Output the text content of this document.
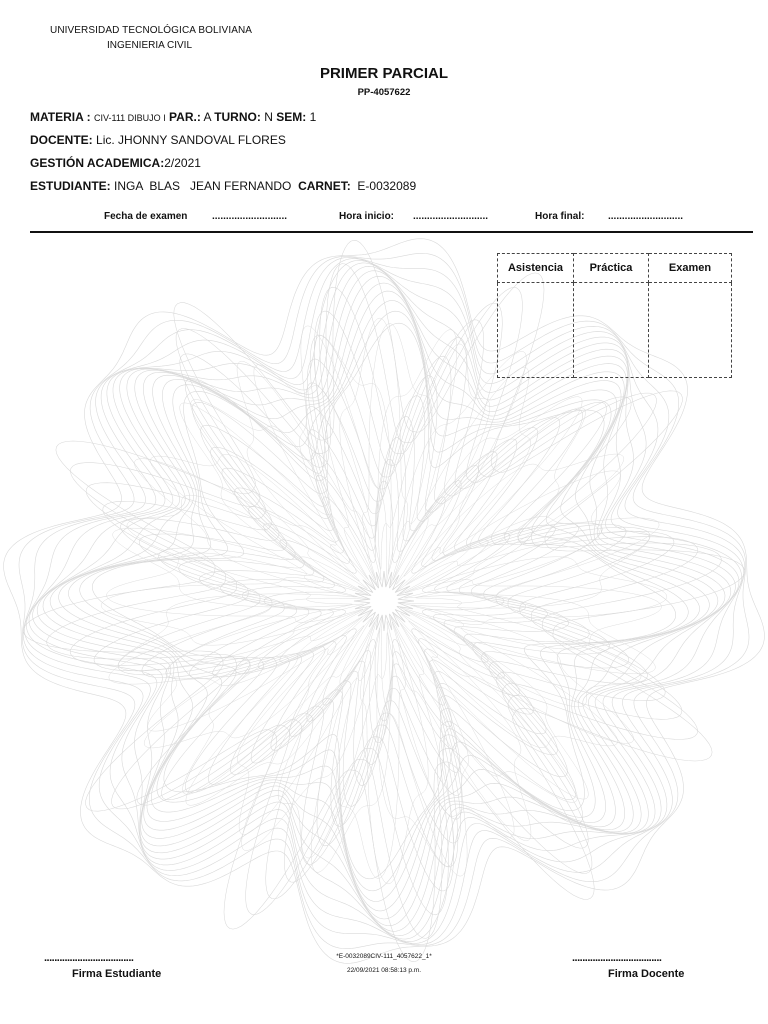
UNIVERSIDAD TECNOLÓGICA BOLIVIANA
INGENIERIA CIVIL
PRIMER PARCIAL
PP-4057622
MATERIA : CIV-111 DIBUJO I PAR.: A TURNO: N SEM: 1
DOCENTE: Lic. JHONNY SANDOVAL FLORES
GESTIÓN ACADEMICA:2/2021
ESTUDIANTE: INGA  BLAS   JEAN FERNANDO CARNET: E-0032089
Fecha de examen ...........................	Hora inicio: ...........................	Hora final: ...........................
Asistencia	Práctica	Examen

...................................
Firma Estudiante
*E-0032089CIV-111_4057622_1*
22/09/2021 08:58:13 p.m.
...................................
Firma Docente
